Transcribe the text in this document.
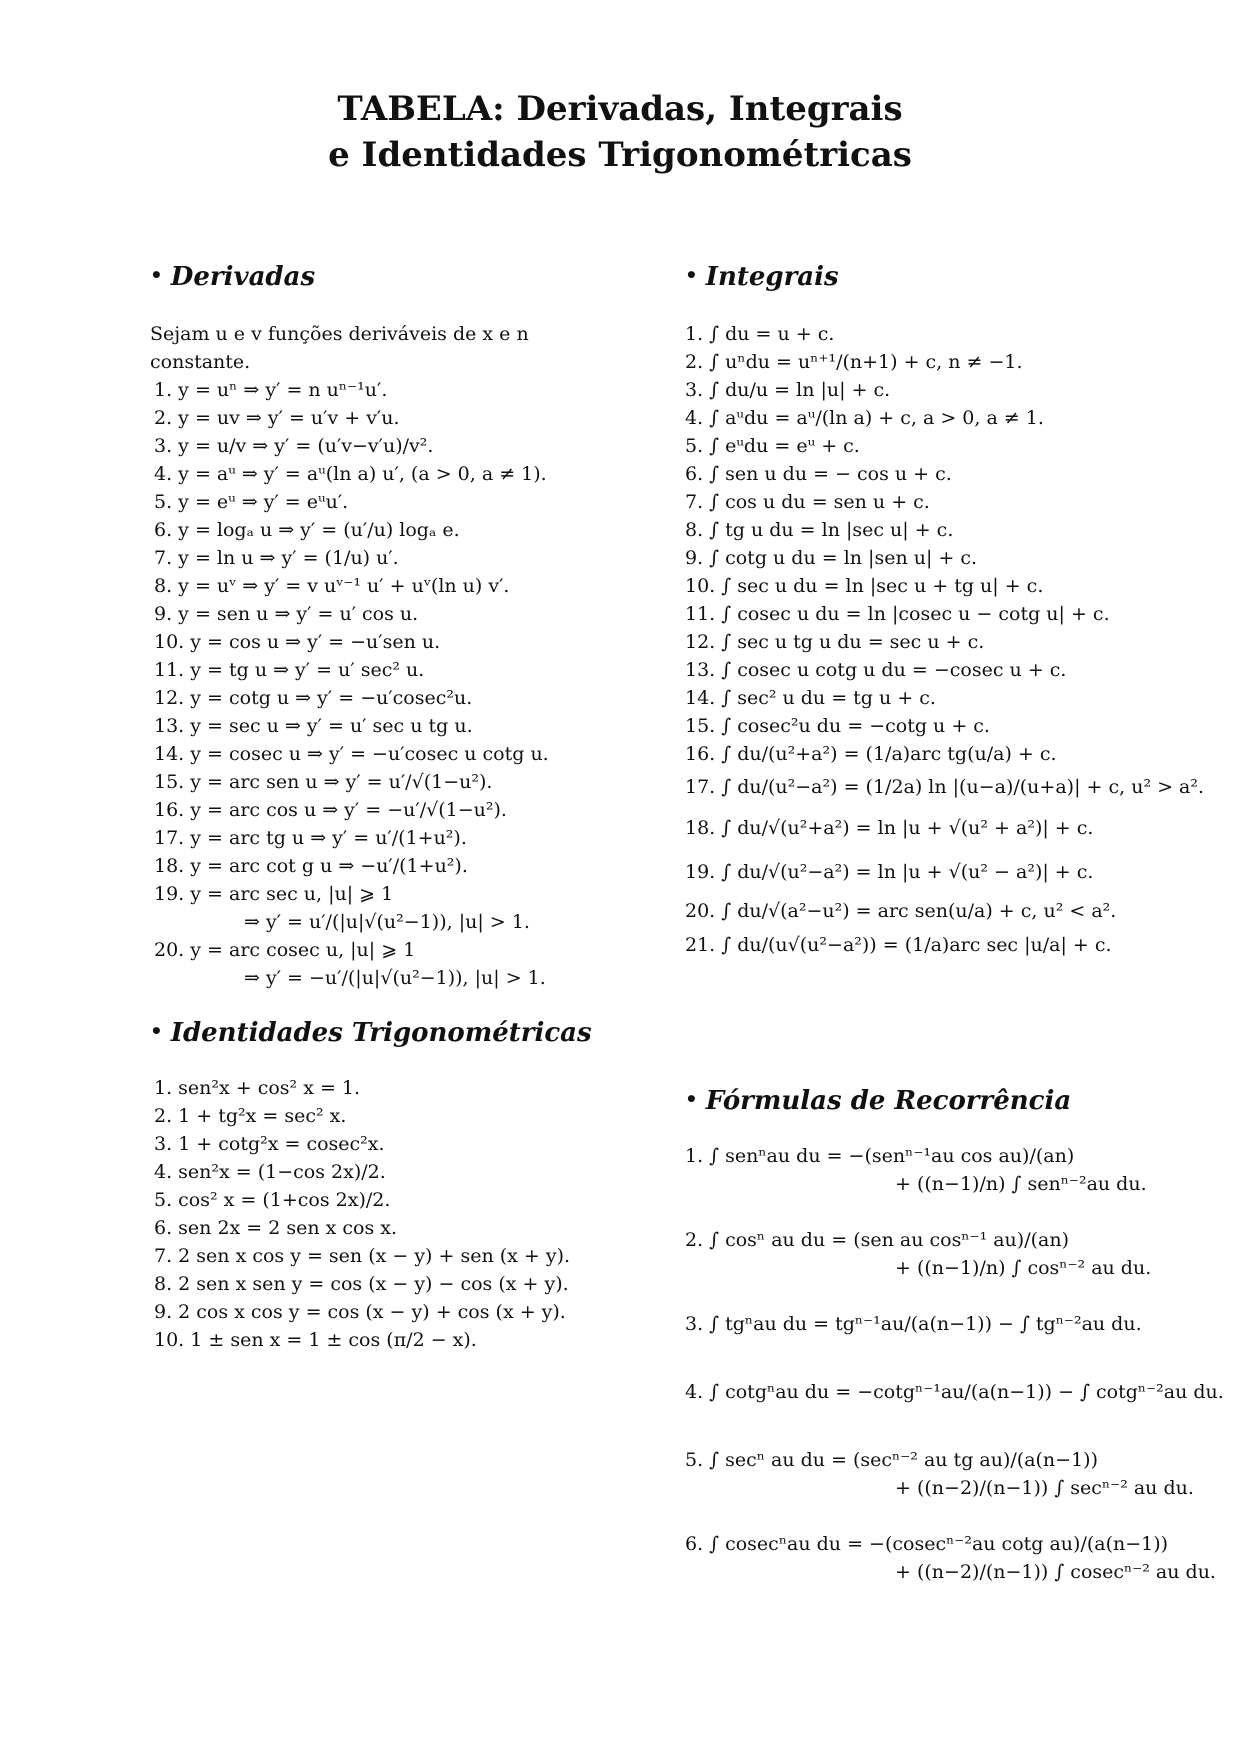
TABELA: Derivadas, Integrais
e Identidades Trigonométricas
• Derivadas

Sejam u e v funções deriváveis de x e n constante.

1. y = uⁿ ⇒ y′ = n uⁿ⁻¹u′.
2. y = uv ⇒ y′ = u′v + v′u.
3. y = u/v ⇒ y′ = (u′v−v′u)/v².
4. y = aᵘ ⇒ y′ = aᵘ(ln a) u′, (a > 0, a ≠ 1).
5. y = eᵘ ⇒ y′ = eᵘu′.
6. y = logₐ u ⇒ y′ = (u′/u) logₐ e.
7. y = ln u ⇒ y′ = (1/u) u′.
8. y = uᵛ ⇒ y′ = v uᵛ⁻¹ u′ + uᵛ(ln u) v′.
9. y = sen u ⇒ y′ = u′ cos u.
10. y = cos u ⇒ y′ = −u′sen u.
11. y = tg u ⇒ y′ = u′ sec² u.
12. y = cotg u ⇒ y′ = −u′cosec²u.
13. y = sec u ⇒ y′ = u′ sec u tg u.
14. y = cosec u ⇒ y′ = −u′cosec u cotg u.
15. y = arc sen u ⇒ y′ = u′/√(1−u²).
16. y = arc cos u ⇒ y′ = −u′/√(1−u²).
17. y = arc tg u ⇒ y′ = u′/(1+u²).
18. y = arc cot g u ⇒ −u′/(1+u²).
19. y = arc sec u, |u| ⩾ 1
⇒ y′ = u′/(|u|√(u²−1)), |u| > 1.
20. y = arc cosec u, |u| ⩾ 1
⇒ y′ = −u′/(|u|√(u²−1)), |u| > 1.
• Identidades Trigonométricas
1. sen²x + cos² x = 1.
2. 1 + tg²x = sec² x.
3. 1 + cotg²x = cosec²x.
4. sen²x = (1−cos 2x)/2.
5. cos² x = (1+cos 2x)/2.
6. sen 2x = 2 sen x cos x.
7. 2 sen x cos y = sen (x − y) + sen (x + y).
8. 2 sen x sen y = cos (x − y) − cos (x + y).
9. 2 cos x cos y = cos (x − y) + cos (x + y).
10. 1 ± sen x = 1 ± cos (π/2 − x).
• Integrais
1. ∫ du = u + c.
2. ∫ uⁿdu = uⁿ⁺¹/(n+1) + c, n ≠ −1.
3. ∫ du/u = ln |u| + c.
4. ∫ aᵘdu = aᵘ/(ln a) + c, a > 0, a ≠ 1.
5. ∫ eᵘdu = eᵘ + c.
6. ∫ sen u du = − cos u + c.
7. ∫ cos u du = sen u + c.
8. ∫ tg u du = ln |sec u| + c.
9. ∫ cotg u du = ln |sen u| + c.
10. ∫ sec u du = ln |sec u + tg u| + c.
11. ∫ cosec u du = ln |cosec u − cotg u| + c.
12. ∫ sec u tg u du = sec u + c.
13. ∫ cosec u cotg u du = −cosec u + c.
14. ∫ sec² u du = tg u + c.
15. ∫ cosec²u du = −cotg u + c.
16. ∫ du/(u²+a²) = (1/a)arc tg(u/a) + c.
17. ∫ du/(u²−a²) = (1/2a) ln |(u−a)/(u+a)| + c, u² > a².
18. ∫ du/√(u²+a²) = ln |u + √(u² + a²)| + c.
19. ∫ du/√(u²−a²) = ln |u + √(u² − a²)| + c.
20. ∫ du/√(a²−u²) = arc sen(u/a) + c, u² < a².
21. ∫ du/(u√(u²−a²)) = (1/a)arc sec |u/a| + c.
• Fórmulas de Recorrência
1. ∫ senⁿau du = −(senⁿ⁻¹au cos au)/(an)
+ ((n−1)/n) ∫ senⁿ⁻²au du.
2. ∫ cosⁿ au du = (sen au cosⁿ⁻¹ au)/(an)
+ ((n−1)/n) ∫ cosⁿ⁻² au du.
3. ∫ tgⁿau du = tgⁿ⁻¹au/(a(n−1)) − ∫ tgⁿ⁻²au du.
4. ∫ cotgⁿau du = −cotgⁿ⁻¹au/(a(n−1)) − ∫ cotgⁿ⁻²au du.
5. ∫ secⁿ au du = (secⁿ⁻² au tg au)/(a(n−1))
+ ((n−2)/(n−1)) ∫ secⁿ⁻² au du.
6. ∫ cosecⁿau du = −(cosecⁿ⁻²au cotg au)/(a(n−1))
+ ((n−2)/(n−1)) ∫ cosecⁿ⁻² au du.
